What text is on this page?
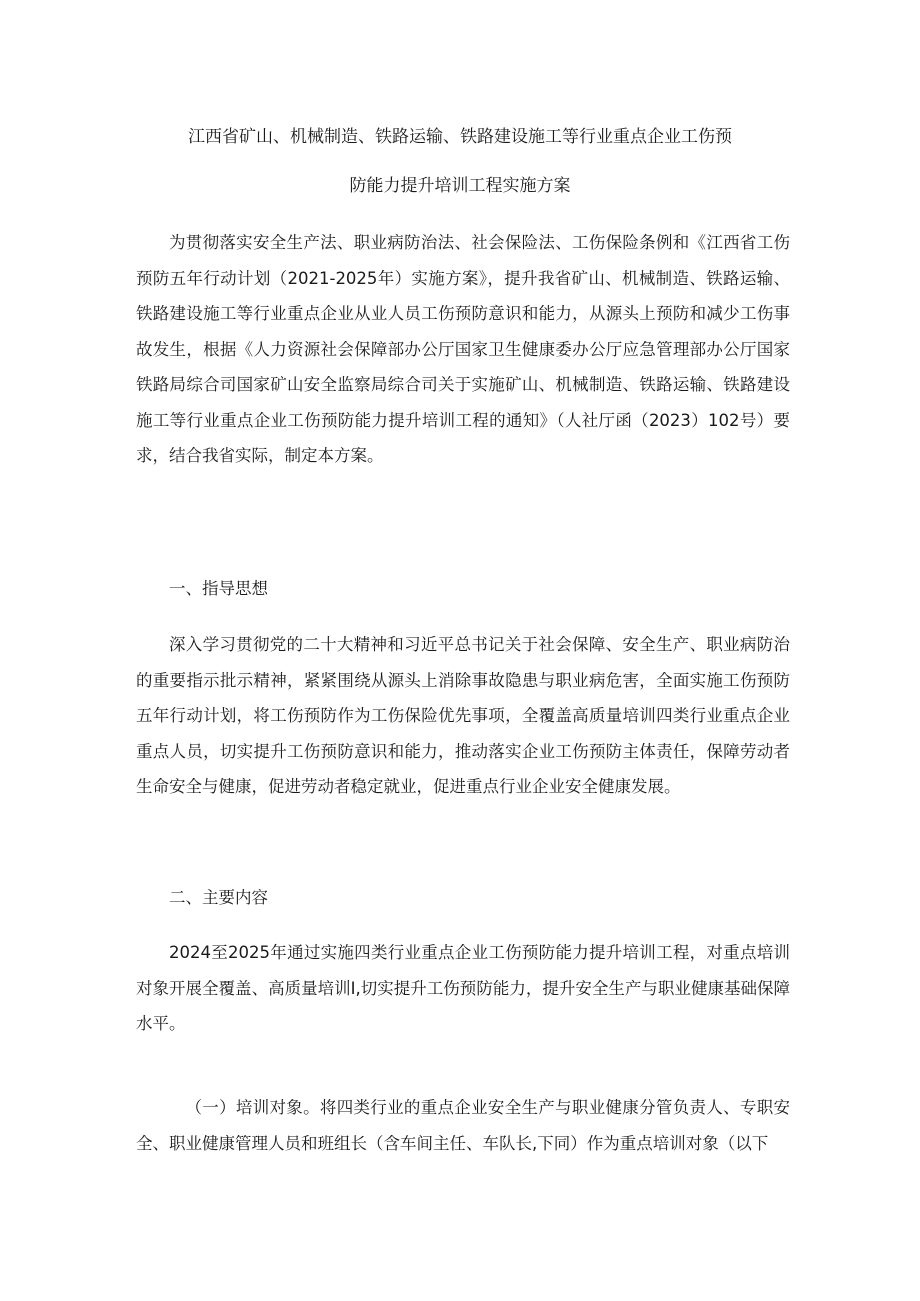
江西省矿山、机械制造、铁路运输、铁路建设施工等行业重点企业工伤预
防能力提升培训工程实施方案

为贯彻落实安全生产法、职业病防治法、社会保险法、工伤保险条例和《江西省工伤预防五年行动计划（2021-2025年）实施方案》，提升我省矿山、机械制造、铁路运输、铁路建设施工等行业重点企业从业人员工伤预防意识和能力，从源头上预防和减少工伤事故发生，根据《人力资源社会保障部办公厅国家卫生健康委办公厅应急管理部办公厅国家铁路局综合司国家矿山安全监察局综合司关于实施矿山、机械制造、铁路运输、铁路建设施工等行业重点企业工伤预防能力提升培训工程的通知》（人社厅函（2023）102号）要求，结合我省实际，制定本方案。

一、指导思想

深入学习贯彻党的二十大精神和习近平总书记关于社会保障、安全生产、职业病防治的重要指示批示精神，紧紧围绕从源头上消除事故隐患与职业病危害，全面实施工伤预防五年行动计划，将工伤预防作为工伤保险优先事项，全覆盖高质量培训四类行业重点企业重点人员，切实提升工伤预防意识和能力，推动落实企业工伤预防主体责任，保障劳动者生命安全与健康，促进劳动者稳定就业，促进重点行业企业安全健康发展。

二、主要内容

2024至2025年通过实施四类行业重点企业工伤预防能力提升培训工程，对重点培训对象开展全覆盖、高质量培训I,切实提升工伤预防能力，提升安全生产与职业健康基础保障水平。

（一）培训对象。将四类行业的重点企业安全生产与职业健康分管负责人、专职安全、职业健康管理人员和班组长（含车间主任、车队长,下同）作为重点培训对象（以下
